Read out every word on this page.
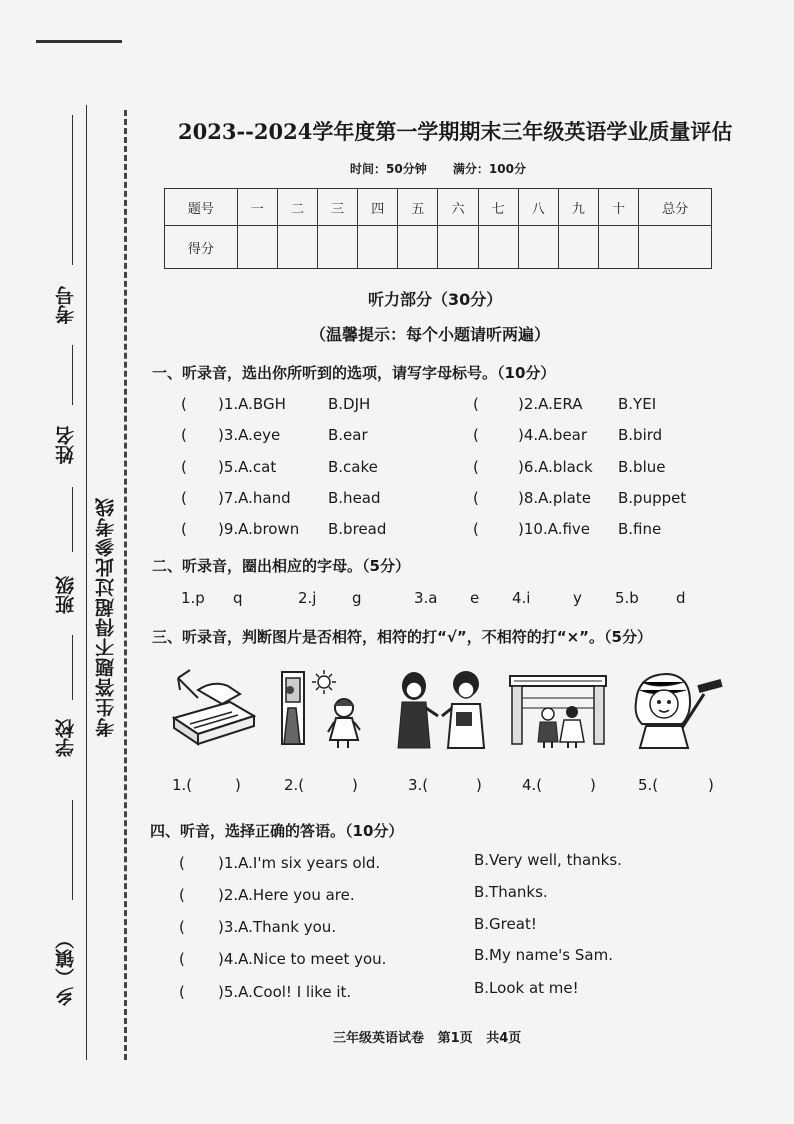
考号
姓名
班级
学校
乡（镇）
考生答题不得超过此参考线
2023--2024学年度第一学期期末三年级英语学业质量评估
时间：50分钟 满分：100分
题号	一	二	三	四	五	六	七	八	九	十	总分
得分											
听力部分（30分）
（温馨提示：每个小题请听两遍）
一、听录音，选出你所听到的选项，请写字母标号。（10分）
( )1.A.BGH	B.DJH	(	)2.A.ERA B.YEI
( )3.A.eye	B.ear	(	)4.A.bear B.bird
( )5.A.cat	B.cake	(	)6.A.black B.blue
( )7.A.hand B.head	(	)8.A.plate B.puppet
( )9.A.brown B.bread	(	)10.A.five B.fine
二、听录音，圈出相应的字母。（5分）
1.p q	2.j g	3.a e 4.i	y 5.b d
三、听录音，判断图片是否相符，相符的打“√”，不相符的打“×”。（5分）
1.(	)	2.(	)	3.(	)	4.(	)	5.(	)
四、听音，选择正确的答语。（10分）
( )1.A.I'm six years old.	B.Very well, thanks.
( )2.A.Here you are.	B.Thanks.
( )3.A.Thank you.	B.Great!
( )4.A.Nice to meet you.	B.My name's Sam.
( )5.A.Cool! I like it.	B.Look at me!
三年级英语试卷   第1页   共4页
